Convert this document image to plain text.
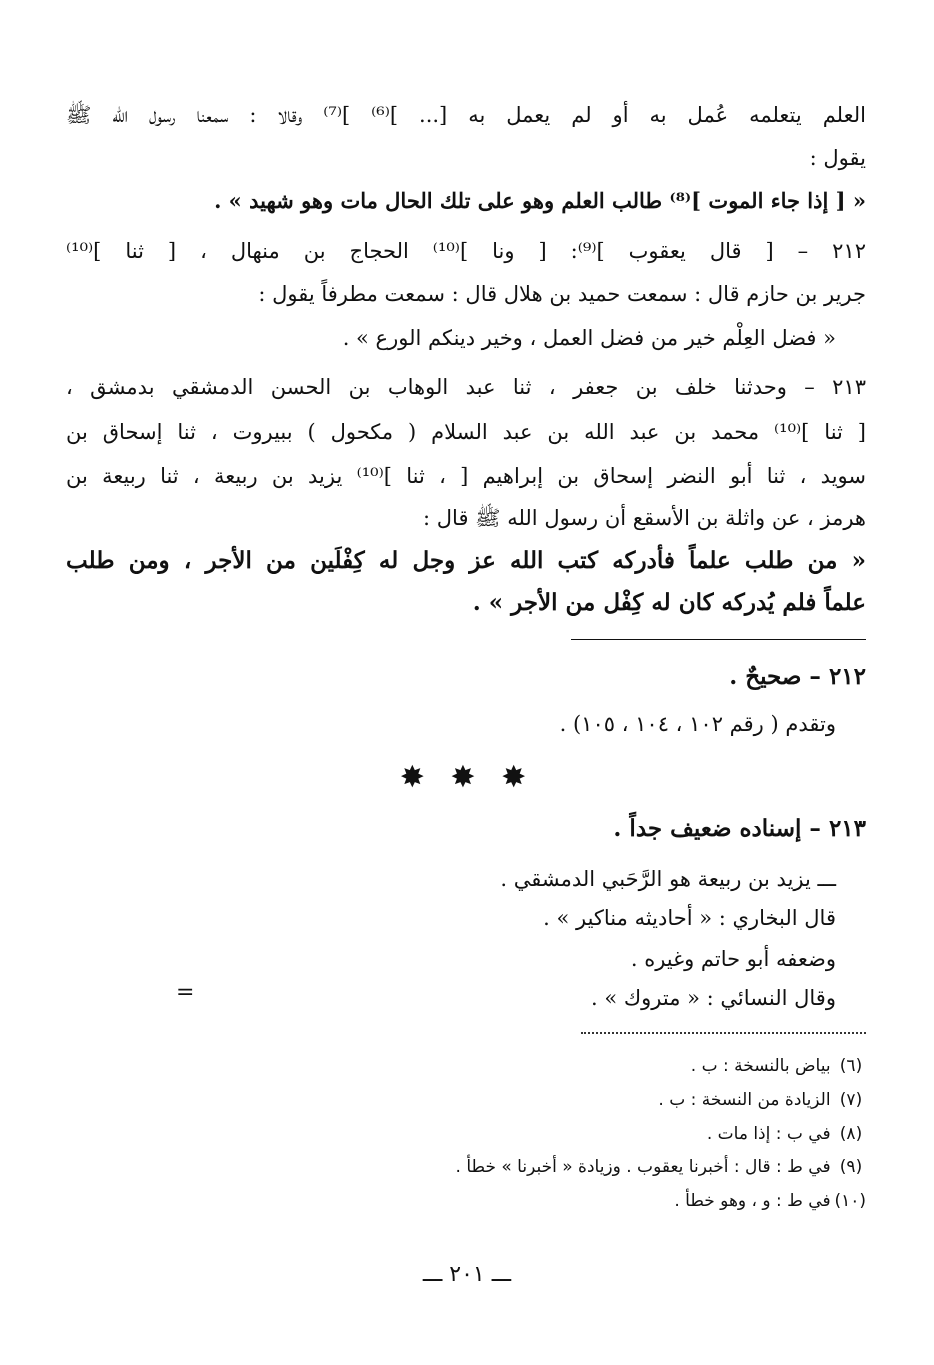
العلم يتعلمه عُمل به أو لم يعمل به [... ]⁽⁶⁾ ]⁽⁷⁾ وقالا : سمعنا رسول الله ﷺ
يقول :
« [ إذا جاء الموت ]⁽⁸⁾ طالب العلم وهو على تلك الحال مات وهو شهيد » .
٢١٢ – [ قال يعقوب ]⁽⁹⁾: [ ونا ]⁽¹⁰⁾ الحجاج بن منهال ، [ ثنا ]⁽¹⁰⁾
جرير بن حازم قال : سمعت حميد بن هلال قال : سمعت مطرفاً يقول :
« فضل العِلْم خير من فضل العمل ، وخير دينكم الورع » .
٢١٣ – وحدثنا خلف بن جعفر ، ثنا عبد الوهاب بن الحسن الدمشقي بدمشق ،
[ ثنا ]⁽¹⁰⁾ محمد بن عبد الله بن عبد السلام ( مكحول ) ببيروت ، ثنا إسحاق بن
سويد ، ثنا أبو النضر إسحاق بن إبراهيم [ ، ثنا ]⁽¹⁰⁾ يزيد بن ربيعة ، ثنا ربيعة بن
هرمز ، عن واثلة بن الأسقع أن رسول الله ﷺ قال :
« من طلب علماً فأدركه كتب الله عز وجل له كِفْلَين من الأجر ، ومن طلب
علماً فلم يُدركه كان له كِفْل من الأجر » .
٢١٢ – صحيحٌ .
وتقدم ( رقم ١٠٢ ، ١٠٤ ، ١٠٥) .
✸ ✸ ✸
٢١٣ – إسناده ضعيف جداً .
ـــ يزيد بن ربيعة هو الرَّحَبي الدمشقي .
قال البخاري : « أحاديثه مناكير » .
وضعفه أبو حاتم وغيره .
وقال النسائي : « متروك » .
=
(٦) بياض بالنسخة : ب .
(٧) الزيادة من النسخة : ب .
(٨) في ب : إذا مات .
(٩) في ط : قال : أخبرنا يعقوب . وزيادة « أخبرنا » خطأ .
(١٠) في ط : و ، وهو خطأ .
ـــ ٢٠١ ـــ
